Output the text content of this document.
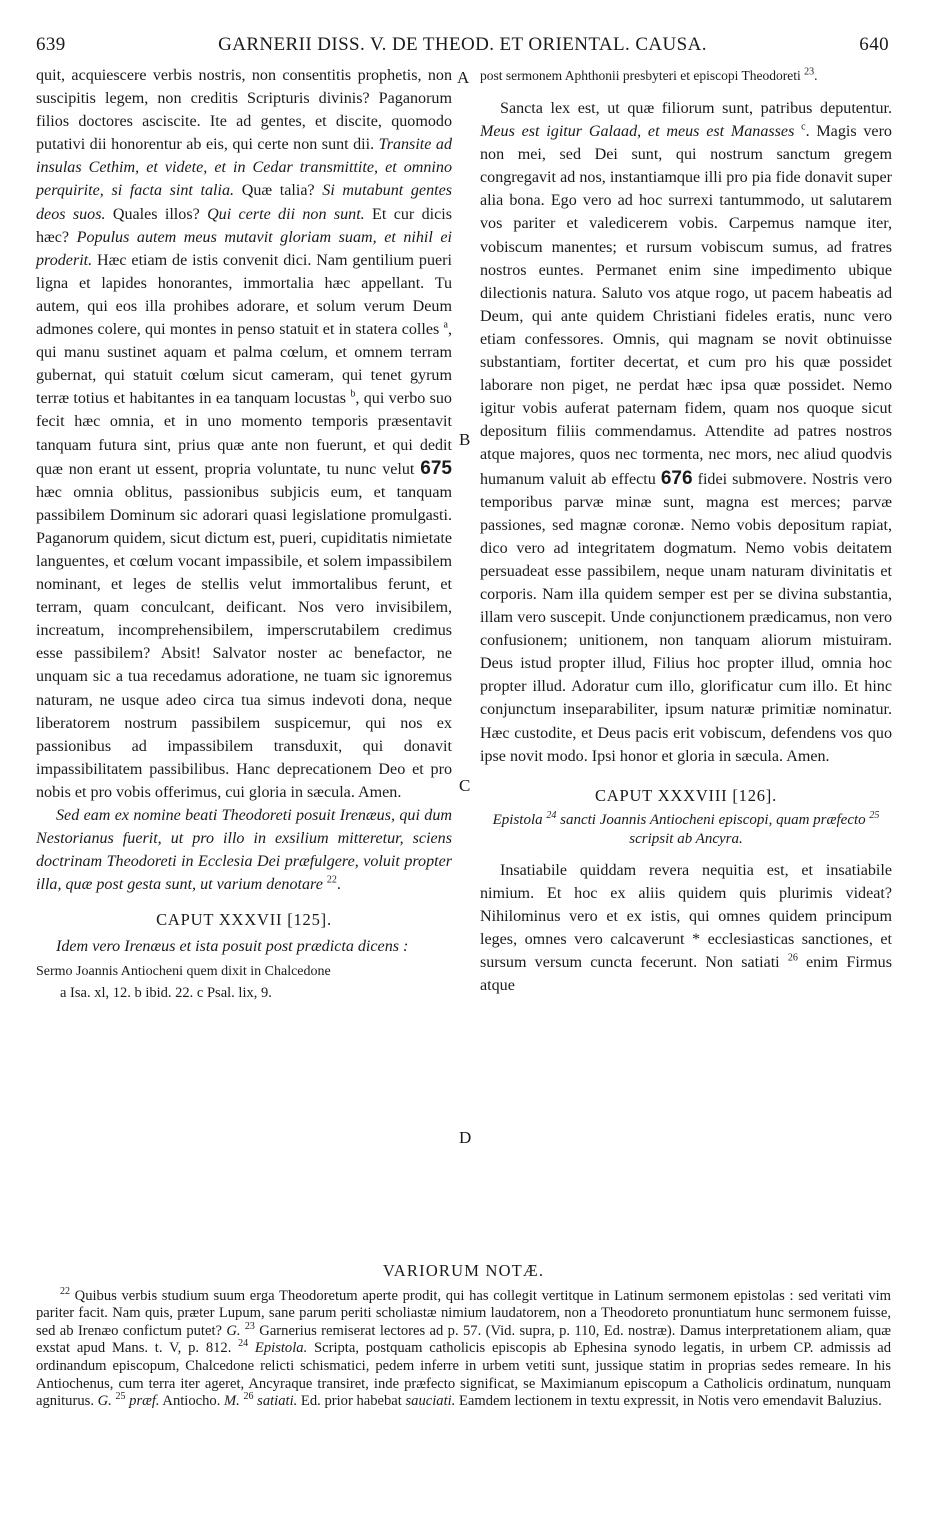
639	GARNERII DISS. V. DE THEOD. ET ORIENTAL. CAUSA.	640
A
B
C
D

quit, acquiescere verbis nostris, non consentitis prophetis, non suscipitis legem, non creditis Scripturis divinis? Paganorum filios doctores asciscite. Ite ad gentes, et discite, quomodo putativi dii honorentur ab eis, qui certe non sunt dii. Transite ad insulas Cethim, et videte, et in Cedar transmittite, et omnino perquirite, si facta sint talia. Quæ talia? Si mutabunt gentes deos suos. Quales illos? Qui certe dii non sunt. Et cur dicis hæc? Populus autem meus mutavit gloriam suam, et nihil ei proderit. Hæc etiam de istis convenit dici. Nam gentilium pueri ligna et lapides honorantes, immortalia hæc appellant. Tu autem, qui eos illa prohibes adorare, et solum verum Deum admones colere, qui montes in penso statuit et in statera colles $^a$, qui manu sustinet aquam et palma cœlum, et omnem terram gubernat, qui statuit cœlum sicut cameram, qui tenet gyrum terræ totius et habitantes in ea tanquam locustas $^b$, qui verbo suo fecit hæc omnia, et in uno momento temporis præsentavit tanquam futura sint, prius quæ ante non fuerunt, et qui dedit quæ non erant ut essent, propria voluntate, tu nunc velut 675 hæc omnia oblitus, passionibus subjicis eum, et tanquam passibilem Dominum sic adorari quasi legislatione promulgasti. Paganorum quidem, sicut dictum est, pueri, cupiditatis nimietate languentes, et cœlum vocant impassibile, et solem impassibilem nominant, et leges de stellis velut immortalibus ferunt, et terram, quam conculcant, deificant. Nos vero invisibilem, increatum, incomprehensibilem, imperscrutabilem credimus esse passibilem? Absit! Salvator noster ac benefactor, ne unquam sic a tua recedamus adoratione, ne tuam sic ignoremus naturam, ne usque adeo circa tua simus indevoti dona, neque liberatorem nostrum passibilem suspicemur, qui nos ex passionibus ad impassibilem transduxit, qui donavit impassibilitatem passibilibus. Hanc deprecationem Deo et pro nobis et pro vobis offerimus, cui gloria in sæcula. Amen.

Sed eam ex nomine beati Theodoreti posuit Irenæus, qui dum Nestorianus fuerit, ut pro illo in exsilium mitteretur, sciens doctrinam Theodoreti in Ecclesia Dei præfulgere, voluit propter illa, quæ post gesta sunt, ut varium denotare $^{22}$.

CAPUT XXXVII [125].

Idem vero Irenæus et ista posuit post prædicta dicens :

Sermo Joannis Antiocheni quem dixit in Chalcedone

a Isa. xl, 12. b ibid. 22. c Psal. lix, 9.

post sermonem Aphthonii presbyteri et episcopi Theodoreti $^{23}$.

Sancta lex est, ut quæ filiorum sunt, patribus deputentur. Meus est igitur Galaad, et meus est Manasses $^c$. Magis vero non mei, sed Dei sunt, qui nostrum sanctum gregem congregavit ad nos, instantiamque illi pro pia fide donavit super alia bona. Ego vero ad hoc surrexi tantummodo, ut salutarem vos pariter et valedicerem vobis. Carpemus namque iter, vobiscum manentes; et rursum vobiscum sumus, ad fratres nostros euntes. Permanet enim sine impedimento ubique dilectionis natura. Saluto vos atque rogo, ut pacem habeatis ad Deum, qui ante quidem Christiani fideles eratis, nunc vero etiam confessores. Omnis, qui magnam se novit obtinuisse substantiam, fortiter decertat, et cum pro his quæ possidet laborare non piget, ne perdat hæc ipsa quæ possidet. Nemo igitur vobis auferat paternam fidem, quam nos quoque sicut depositum filiis commendamus. Attendite ad patres nostros atque majores, quos nec tormenta, nec mors, nec aliud quodvis humanum valuit ab effectu 676 fidei submovere. Nostris vero temporibus parvæ minæ sunt, magna est merces; parvæ passiones, sed magnæ coronæ. Nemo vobis depositum rapiat, dico vero ad integritatem dogmatum. Nemo vobis deitatem persuadeat esse passibilem, neque unam naturam divinitatis et corporis. Nam illa quidem semper est per se divina substantia, illam vero suscepit. Unde conjunctionem prædicamus, non vero confusionem; unitionem, non tanquam aliorum mistuiram. Deus istud propter illud, Filius hoc propter illud, omnia hoc propter illud. Adoratur cum illo, glorificatur cum illo. Et hinc conjunctum inseparabiliter, ipsum naturæ primitiæ nominatur. Hæc custodite, et Deus pacis erit vobiscum, defendens vos quo ipse novit modo. Ipsi honor et gloria in sæcula. Amen.

CAPUT XXXVIII [126].

Epistola $^{24}$ sancti Joannis Antiocheni episcopi, quam præfecto $^{25}$ scripsit ab Ancyra.

Insatiabile quiddam revera nequitia est, et insatiabile nimium. Et hoc ex aliis quidem quis plurimis videat? Nihilominus vero et ex istis, qui omnes quidem principum leges, omnes vero calcaverunt * ecclesiasticas sanctiones, et sursum versum cuncta fecerunt. Non satiati $^{26}$ enim Firmus atque

VARIORUM NOTÆ.

$^{22}$ Quibus verbis studium suum erga Theodoretum aperte prodit, qui has collegit vertitque in Latinum sermonem epistolas : sed veritati vim pariter facit. Nam quis, præter Lupum, sane parum periti scholiastæ nimium laudatorem, non a Theodoreto pronuntiatum hunc sermonem fuisse, sed ab Irenæo confictum putet? G. $^{23}$ Garnerius remiserat lectores ad p. 57. (Vid. supra, p. 110, Ed. nostræ). Damus interpretationem aliam, quæ exstat apud Mans. t. V, p. 812. $^{24}$ Epistola. Scripta, postquam catholicis episcopis ab Ephesina synodo legatis, in urbem CP. admissis ad ordinandum episcopum, Chalcedone relicti schismatici, pedem inferre in urbem vetiti sunt, jussique statim in proprias sedes remeare. In his Antiochenus, cum terra iter ageret, Ancyraque transiret, inde præfecto significat, se Maximianum episcopum a Catholicis ordinatum, nunquam agniturus. G. $^{25}$ præf. Antiocho. M. $^{26}$ satiati. Ed. prior habebat sauciati. Eamdem lectionem in textu expressit, in Notis vero emendavit Baluzius.
